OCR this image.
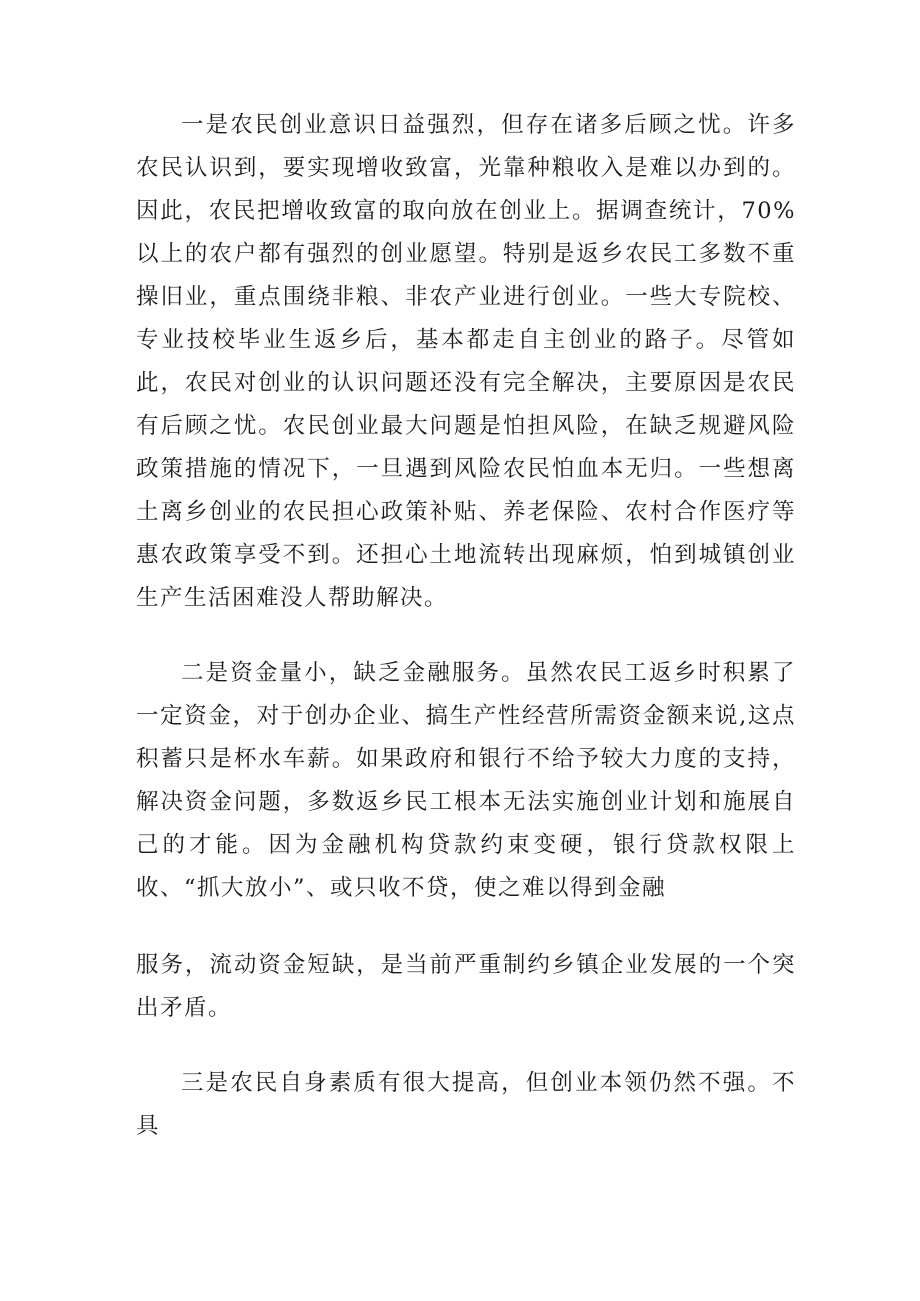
一是农民创业意识日益强烈，但存在诸多后顾之忧。许多农民认识到，要实现增收致富，光靠种粮收入是难以办到的。因此，农民把增收致富的取向放在创业上。据调查统计，70%以上的农户都有强烈的创业愿望。特别是返乡农民工多数不重操旧业，重点围绕非粮、非农产业进行创业。一些大专院校、专业技校毕业生返乡后，基本都走自主创业的路子。尽管如此，农民对创业的认识问题还没有完全解决，主要原因是农民有后顾之忧。农民创业最大问题是怕担风险，在缺乏规避风险政策措施的情况下，一旦遇到风险农民怕血本无归。一些想离土离乡创业的农民担心政策补贴、养老保险、农村合作医疗等惠农政策享受不到。还担心土地流转出现麻烦，怕到城镇创业生产生活困难没人帮助解决。

二是资金量小，缺乏金融服务。虽然农民工返乡时积累了一定资金，对于创办企业、搞生产性经营所需资金额来说,这点积蓄只是杯水车薪。如果政府和银行不给予较大力度的支持，解决资金问题，多数返乡民工根本无法实施创业计划和施展自己的才能。因为金融机构贷款约束变硬，银行贷款权限上收、“抓大放小”、或只收不贷，使之难以得到金融

服务，流动资金短缺，是当前严重制约乡镇企业发展的一个突出矛盾。

三是农民自身素质有很大提高，但创业本领仍然不强。不具
